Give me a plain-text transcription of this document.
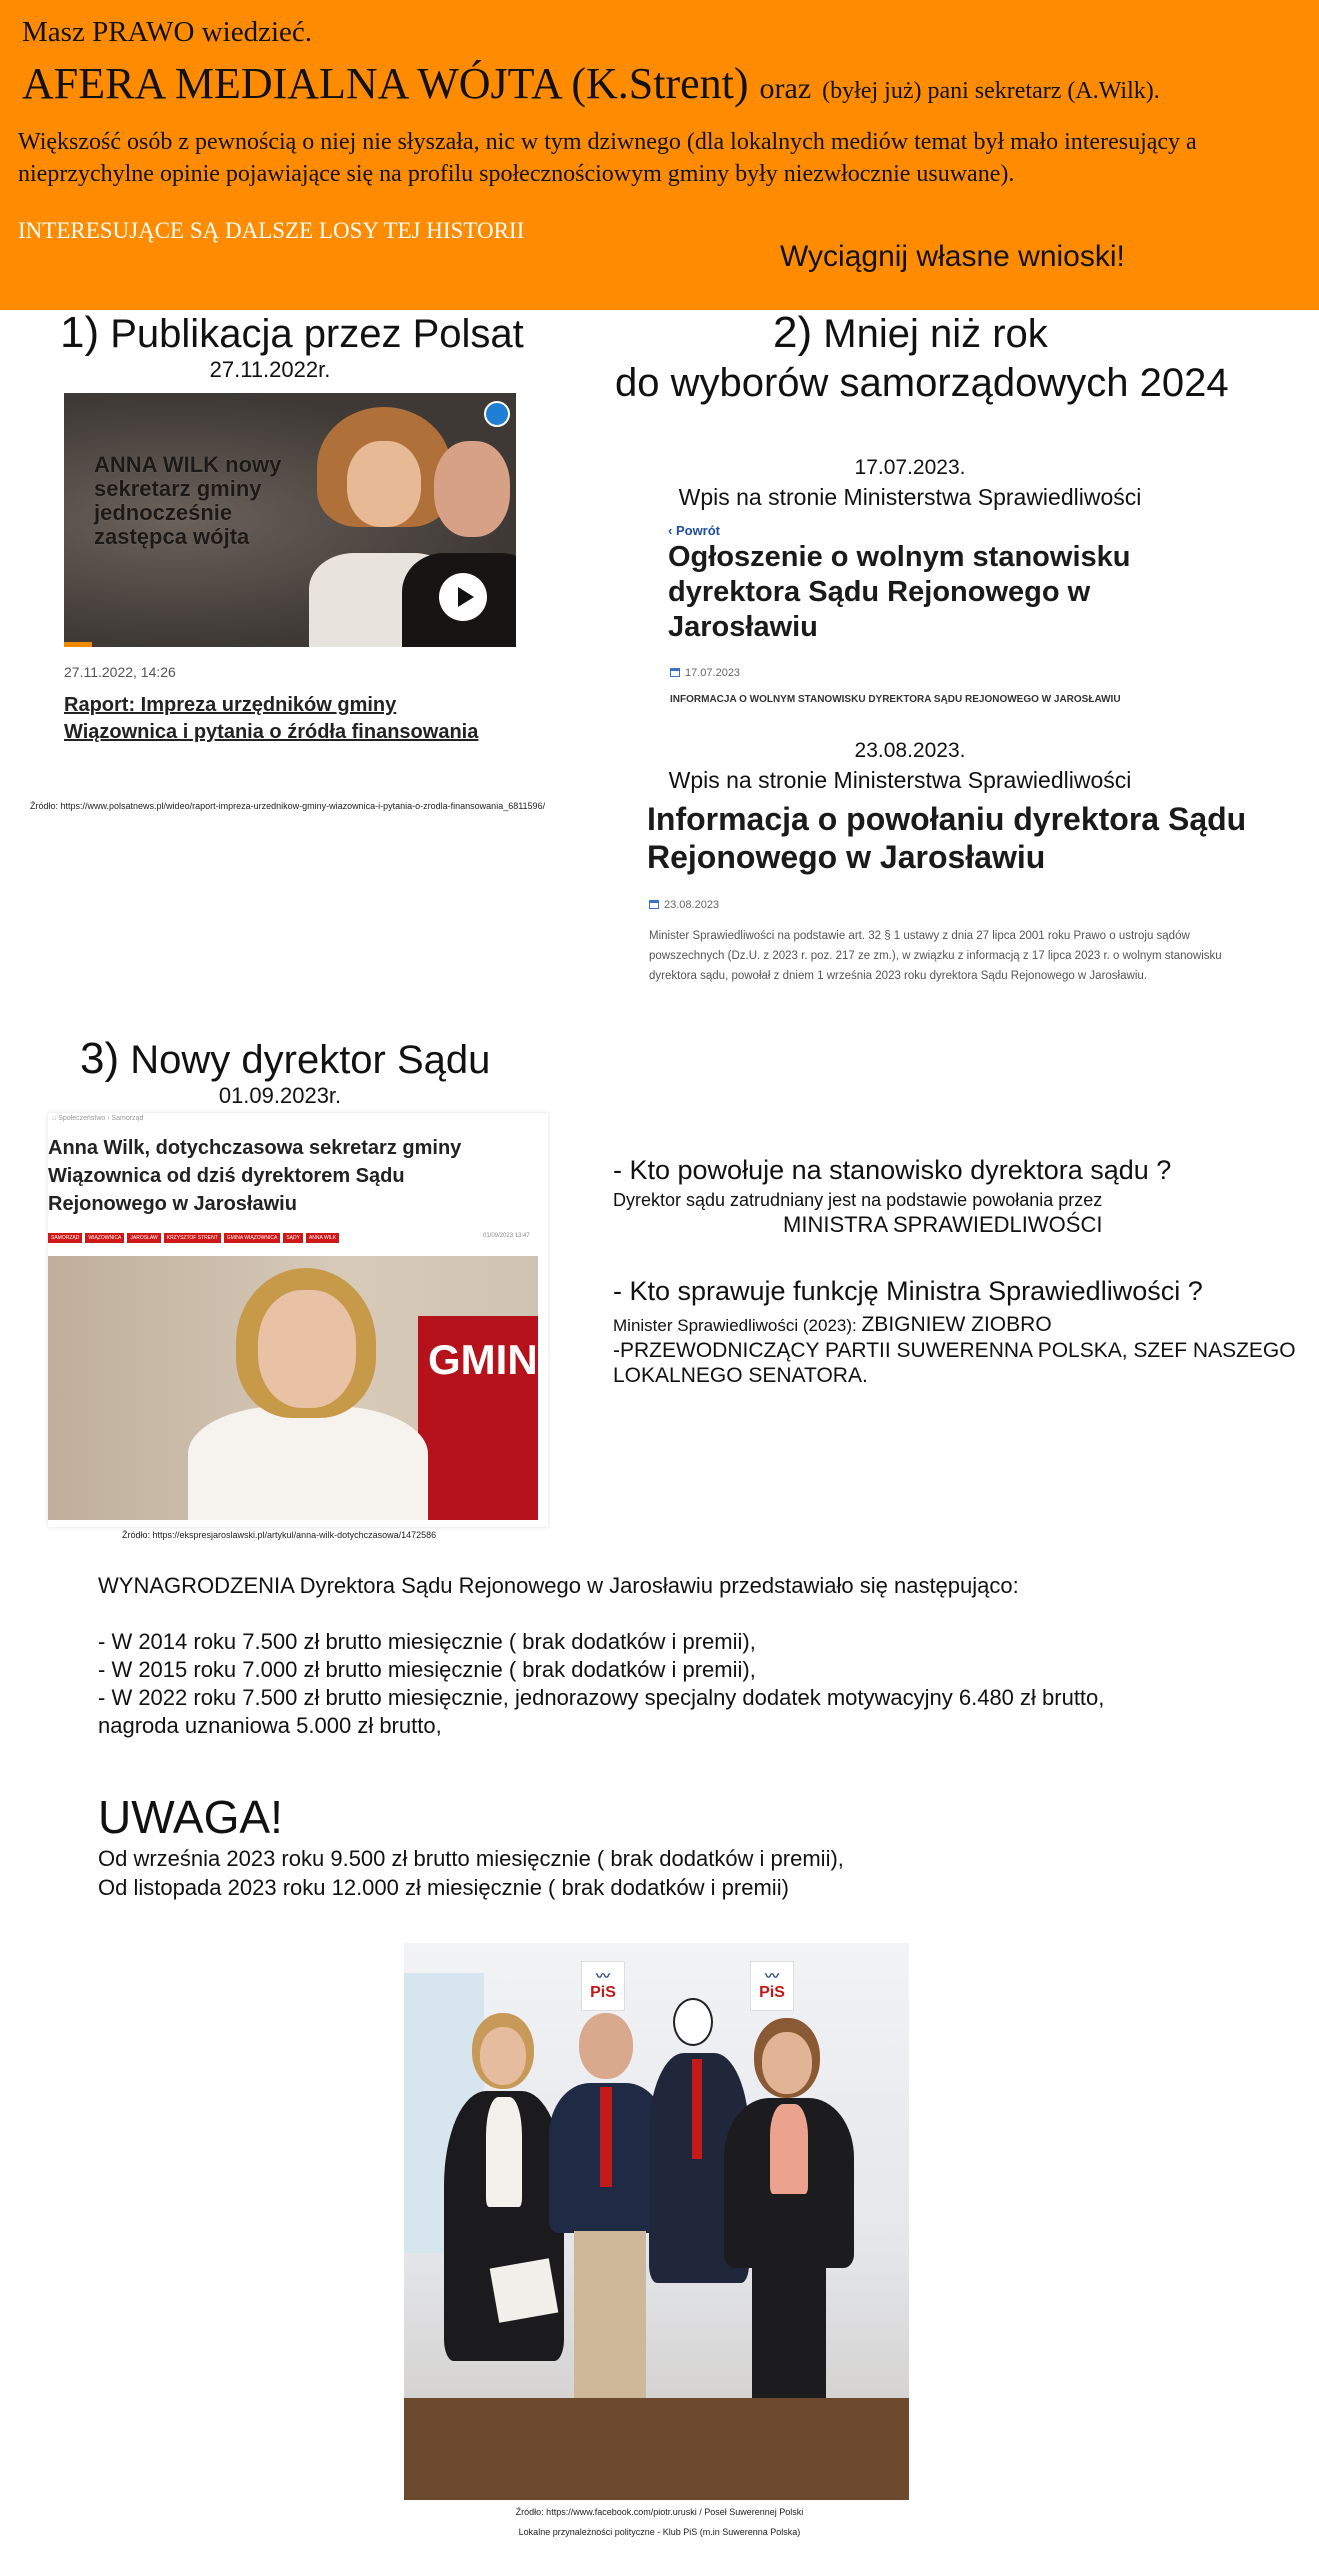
Masz PRAWO wiedzieć.
AFERA MEDIALNA WÓJTA (K.Strent) oraz (byłej już) pani sekretarz (A.Wilk).
Większość osób z pewnością o niej nie słyszała, nic w tym dziwnego (dla lokalnych mediów temat był mało interesujący a nieprzychylne opinie pojawiające się na profilu społecznościowym gminy były niezwłocznie usuwane).
INTERESUJĄCE SĄ DALSZE LOSY TEJ HISTORII
Wyciągnij własne wnioski!
1) Publikacja przez Polsat
27.11.2022r.
ANNA WILK nowy sekretarz gminy jednocześnie zastępca wójta
27.11.2022, 14:26
Raport: Impreza urzędników gminy Wiązownica i pytania o źródła finansowania
Źródło: https://www.polsatnews.pl/wideo/raport-impreza-urzednikow-gminy-wiazownica-i-pytania-o-zrodla-finansowania_6811596/
2) Mniej niż rok
do wyborów samorządowych 2024
17.07.2023.
Wpis na stronie Ministerstwa Sprawiedliwości
‹ Powrót
Ogłoszenie o wolnym stanowisku dyrektora Sądu Rejonowego w Jarosławiu
17.07.2023
INFORMACJA O WOLNYM STANOWISKU DYREKTORA SĄDU REJONOWEGO W JAROSŁAWIU
23.08.2023.
Wpis na stronie Ministerstwa Sprawiedliwości
Informacja o powołaniu dyrektora Sądu Rejonowego w Jarosławiu
23.08.2023
Minister Sprawiedliwości na podstawie art. 32 § 1 ustawy z dnia 27 lipca 2001 roku Prawo o ustroju sądów powszechnych (Dz.U. z 2023 r. poz. 217 ze zm.), w związku z informacją z 17 lipca 2023 r. o wolnym stanowisku dyrektora sądu, powołał z dniem 1 września 2023 roku dyrektora Sądu Rejonowego w Jarosławiu.
3) Nowy dyrektor Sądu
01.09.2023r.
⌂ Społeczeństwo › Samorząd
Anna Wilk, dotychczasowa sekretarz gminy Wiązownica od dziś dyrektorem Sądu Rejonowego w Jarosławiu
SAMORZĄD WIĄZOWNICA JAROSŁAW KRZYSZTOF STRENT GMINA WIĄZOWNICA SĄDY ANNA WILK	01/09/2023 13:47
GMIN
Źródło: https://ekspresjaroslawski.pl/artykul/anna-wilk-dotychczasowa/1472586
- Kto powołuje na stanowisko dyrektora sądu ?
Dyrektor sądu zatrudniany jest na podstawie powołania przez
MINISTRA SPRAWIEDLIWOŚCI
- Kto sprawuje funkcję Ministra Sprawiedliwości ?
Minister Sprawiedliwości (2023): ZBIGNIEW ZIOBRO
-PRZEWODNICZĄCY PARTII SUWERENNA POLSKA, SZEF NASZEGO LOKALNEGO SENATORA.
WYNAGRODZENIA Dyrektora Sądu Rejonowego w Jarosławiu przedstawiało się następująco:
- W 2014 roku 7.500 zł brutto miesięcznie ( brak dodatków i premii),
- W 2015 roku 7.000 zł brutto miesięcznie ( brak dodatków i premii),
- W 2022 roku 7.500 zł brutto miesięcznie, jednorazowy specjalny dodatek motywacyjny 6.480 zł brutto,
nagroda uznaniowa 5.000 zł brutto,
UWAGA!
Od września 2023 roku 9.500 zł brutto miesięcznie ( brak dodatków i premii),
Od listopada 2023 roku 12.000 zł miesięcznie ( brak dodatków i premii)
〰
PiS
〰
PiS
Źródło: https://www.facebook.com/piotr.uruski / Poseł Suwerennej Polski
Lokalne przynależności polityczne - Klub PiS (m.in Suwerenna Polska)
